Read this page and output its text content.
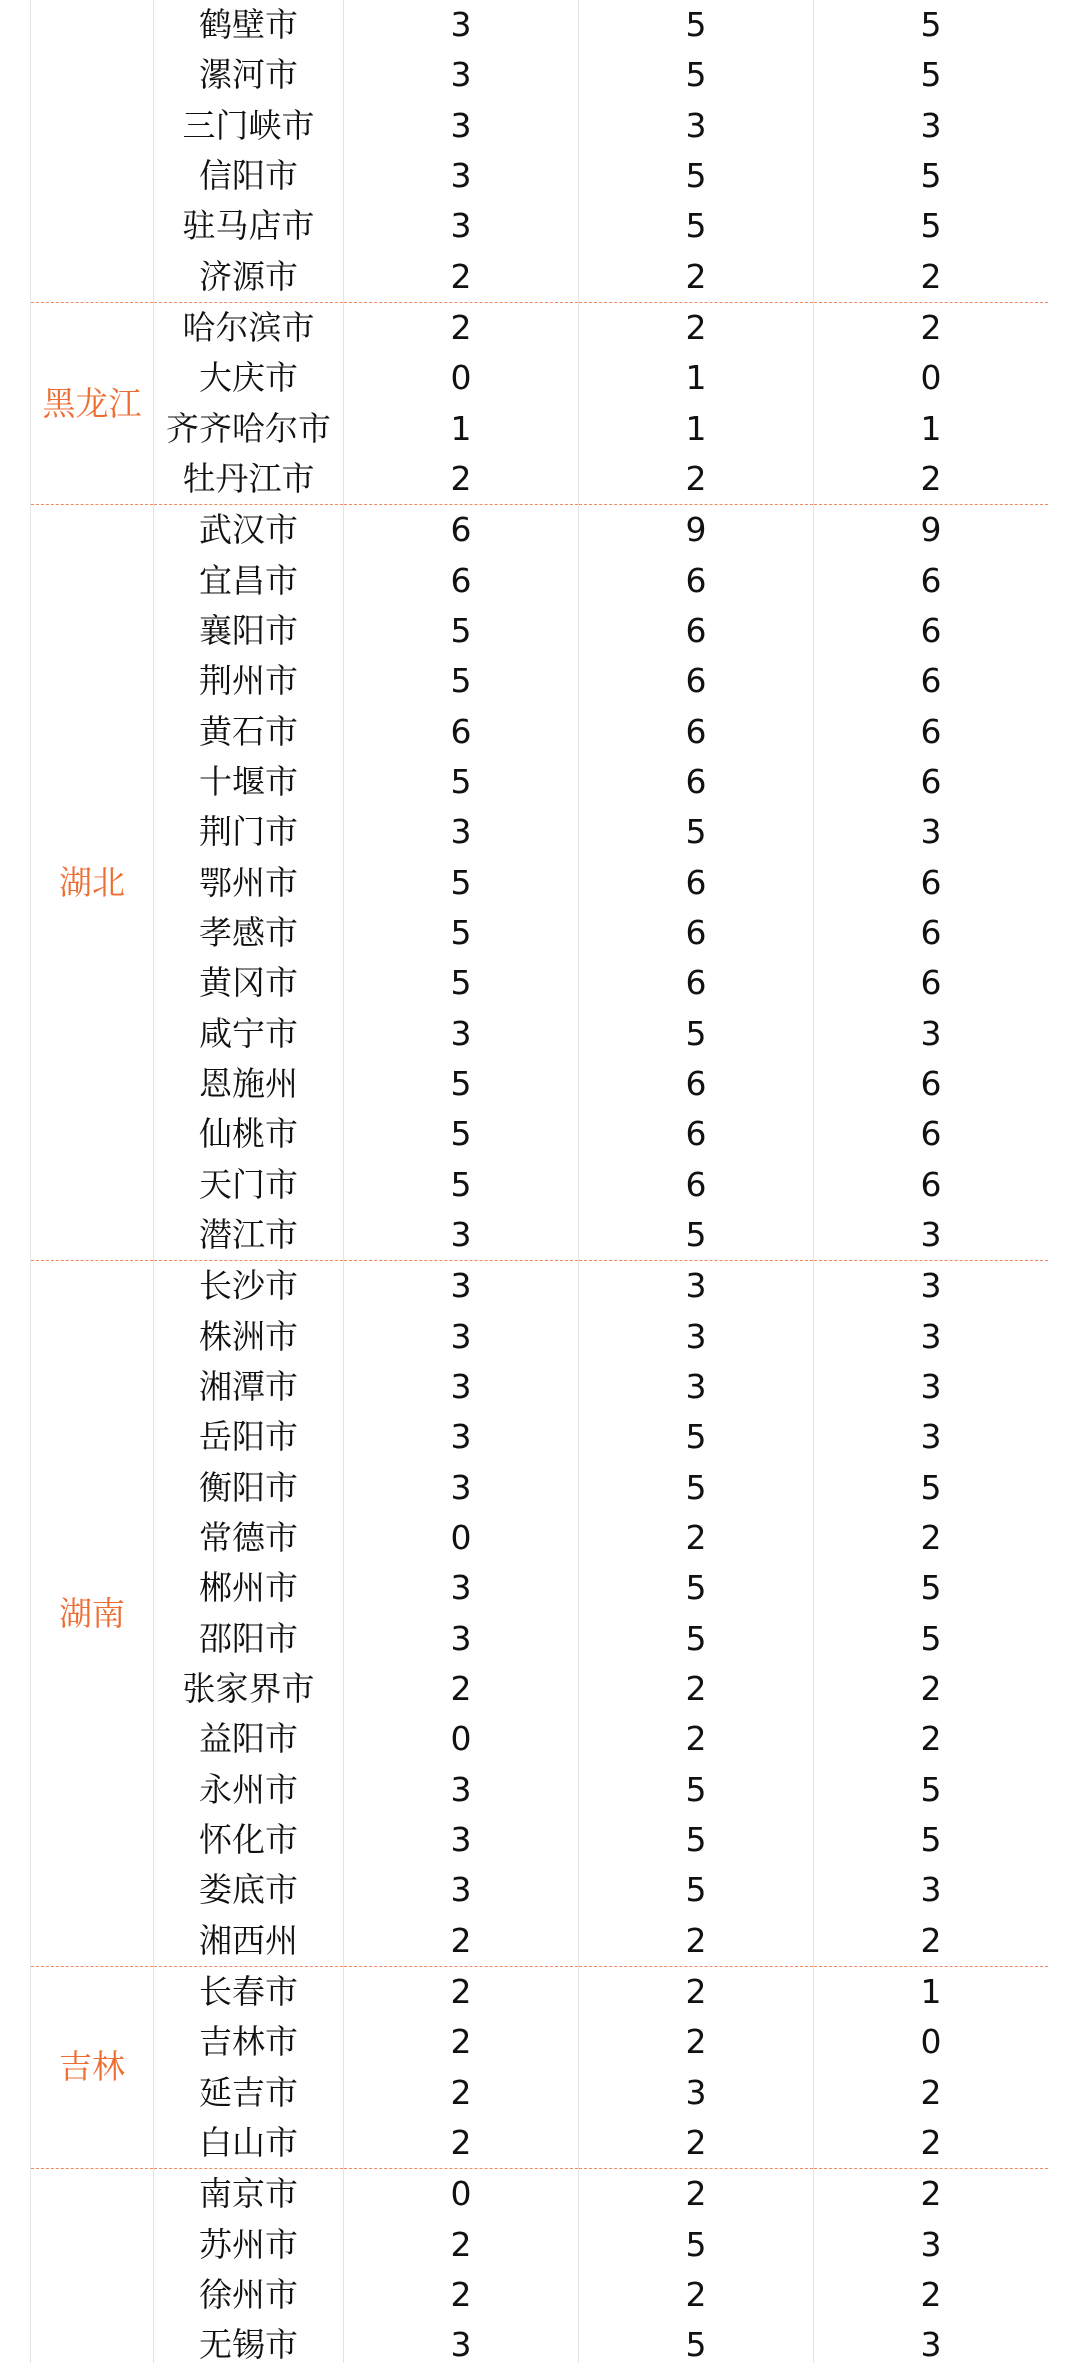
	鹤壁市	3	5	5
	漯河市	3	5	5
	三门峡市	3	3	3
	信阳市	3	5	5
	驻马店市	3	5	5
	济源市	2	2	2
黑龙江	哈尔滨市	2	2	2
	大庆市	0	1	0
	齐齐哈尔市	1	1	1
	牡丹江市	2	2	2
湖北	武汉市	6	9	9
	宜昌市	6	6	6
	襄阳市	5	6	6
	荆州市	5	6	6
	黄石市	6	6	6
	十堰市	5	6	6
	荆门市	3	5	3
	鄂州市	5	6	6
	孝感市	5	6	6
	黄冈市	5	6	6
	咸宁市	3	5	3
	恩施州	5	6	6
	仙桃市	5	6	6
	天门市	5	6	6
	潜江市	3	5	3
湖南	长沙市	3	3	3
	株洲市	3	3	3
	湘潭市	3	3	3
	岳阳市	3	5	3
	衡阳市	3	5	5
	常德市	0	2	2
	郴州市	3	5	5
	邵阳市	3	5	5
	张家界市	2	2	2
	益阳市	0	2	2
	永州市	3	5	5
	怀化市	3	5	5
	娄底市	3	5	3
	湘西州	2	2	2
吉林	长春市	2	2	1
	吉林市	2	2	0
	延吉市	2	3	2
	白山市	2	2	2
	南京市	0	2	2
	苏州市	2	5	3
	徐州市	2	2	2
	无锡市	3	5	3
